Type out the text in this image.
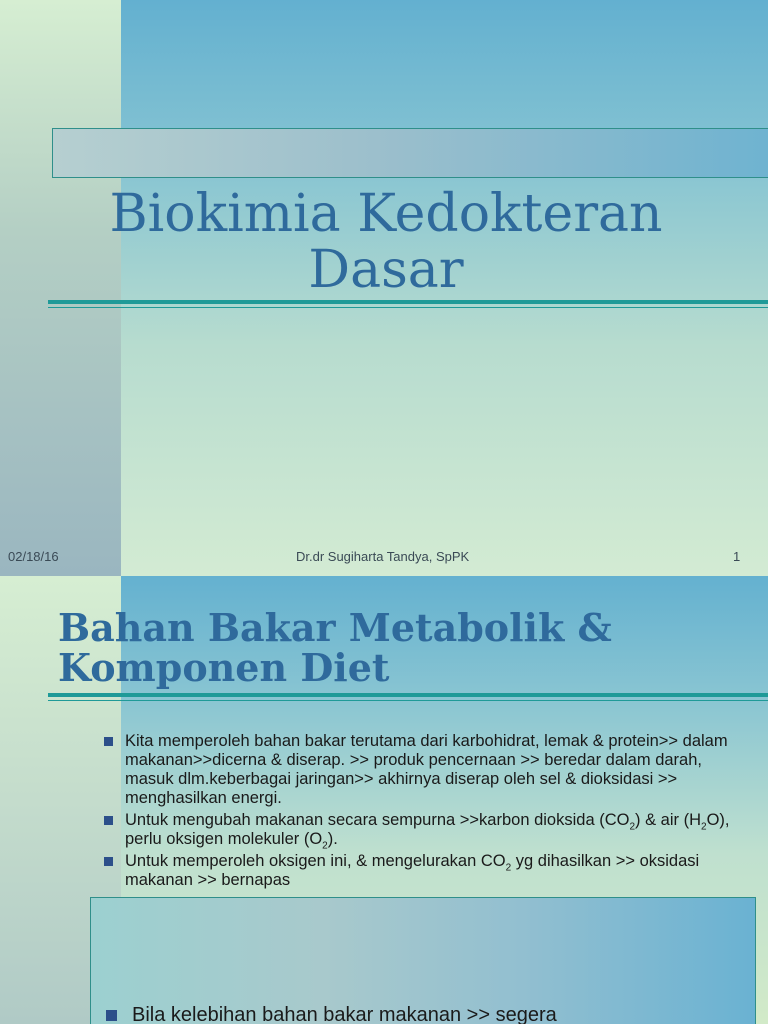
Biokimia Kedokteran
Dasar
02/18/16	Dr.dr Sugiharta Tandya, SpPK	1
Bahan Bakar Metabolik &
Komponen Diet
Kita memperoleh bahan bakar terutama dari karbohidrat, lemak & protein>> dalam makanan>>dicerna & diserap. >> produk pencernaan >> beredar dalam darah, masuk dlm.keberbagai jaringan>> akhirnya diserap oleh sel & dioksidasi >> menghasilkan energi.
Untuk mengubah makanan secara sempurna >>karbon dioksida $(CO_2)$ & air $(H_2O)$, perlu oksigen molekuler $(O_2)$.
Untuk memperoleh oksigen ini, & mengelurakan $CO_2$ yg dihasilkan >> oksidasi makanan >> bernapas
Bila kelebihan bahan bakar makanan >> segera
